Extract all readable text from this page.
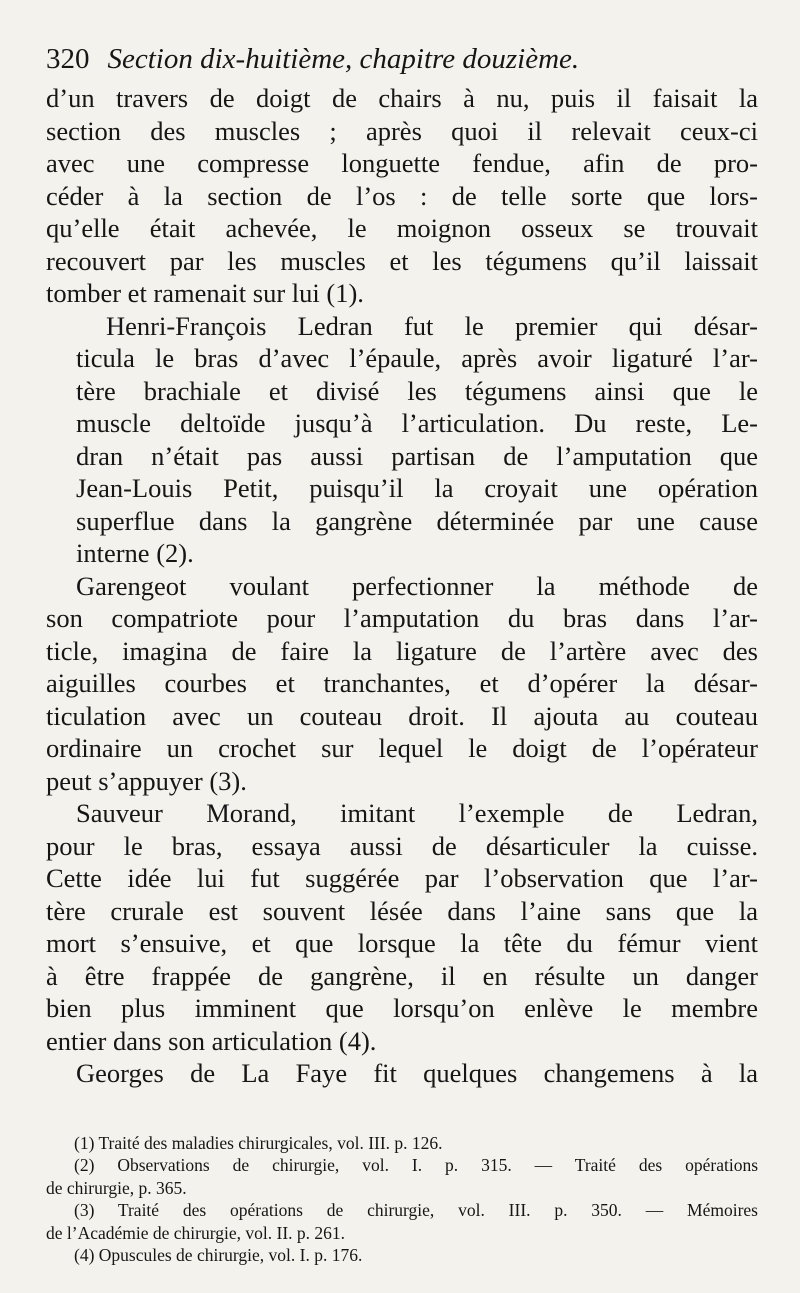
320 Section dix-huitième, chapitre douzième.

d’un travers de doigt de chairs à nu, puis il faisait la
section des muscles ; après quoi il relevait ceux-ci
avec une compresse longuette fendue, afin de pro-
céder à la section de l’os : de telle sorte que lors-
qu’elle était achevée, le moignon osseux se trouvait
recouvert par les muscles et les tégumens qu’il laissait
tomber et ramenait sur lui (1).

Henri-François Ledran fut le premier qui désar-
ticula le bras d’avec l’épaule, après avoir ligaturé l’ar-
tère brachiale et divisé les tégumens ainsi que le
muscle deltoïde jusqu’à l’articulation. Du reste, Le-
dran n’était pas aussi partisan de l’amputation que
Jean-Louis Petit, puisqu’il la croyait une opération
superflue dans la gangrène déterminée par une cause
interne (2).

Garengeot voulant perfectionner la méthode de
son compatriote pour l’amputation du bras dans l’ar-
ticle, imagina de faire la ligature de l’artère avec des
aiguilles courbes et tranchantes, et d’opérer la désar-
ticulation avec un couteau droit. Il ajouta au couteau
ordinaire un crochet sur lequel le doigt de l’opérateur
peut s’appuyer (3).

Sauveur Morand, imitant l’exemple de Ledran,
pour le bras, essaya aussi de désarticuler la cuisse.
Cette idée lui fut suggérée par l’observation que l’ar-
tère crurale est souvent lésée dans l’aine sans que la
mort s’ensuive, et que lorsque la tête du fémur vient
à être frappée de gangrène, il en résulte un danger
bien plus imminent que lorsqu’on enlève le membre
entier dans son articulation (4).

Georges de La Faye fit quelques changemens à la

(1) Traité des maladies chirurgicales, vol. III. p. 126.
(2) Observations de chirurgie, vol. I. p. 315. — Traité des opérations
de chirurgie, p. 365.
(3) Traité des opérations de chirurgie, vol. III. p. 350. — Mémoires
de l’Académie de chirurgie, vol. II. p. 261.
(4) Opuscules de chirurgie, vol. I. p. 176.
